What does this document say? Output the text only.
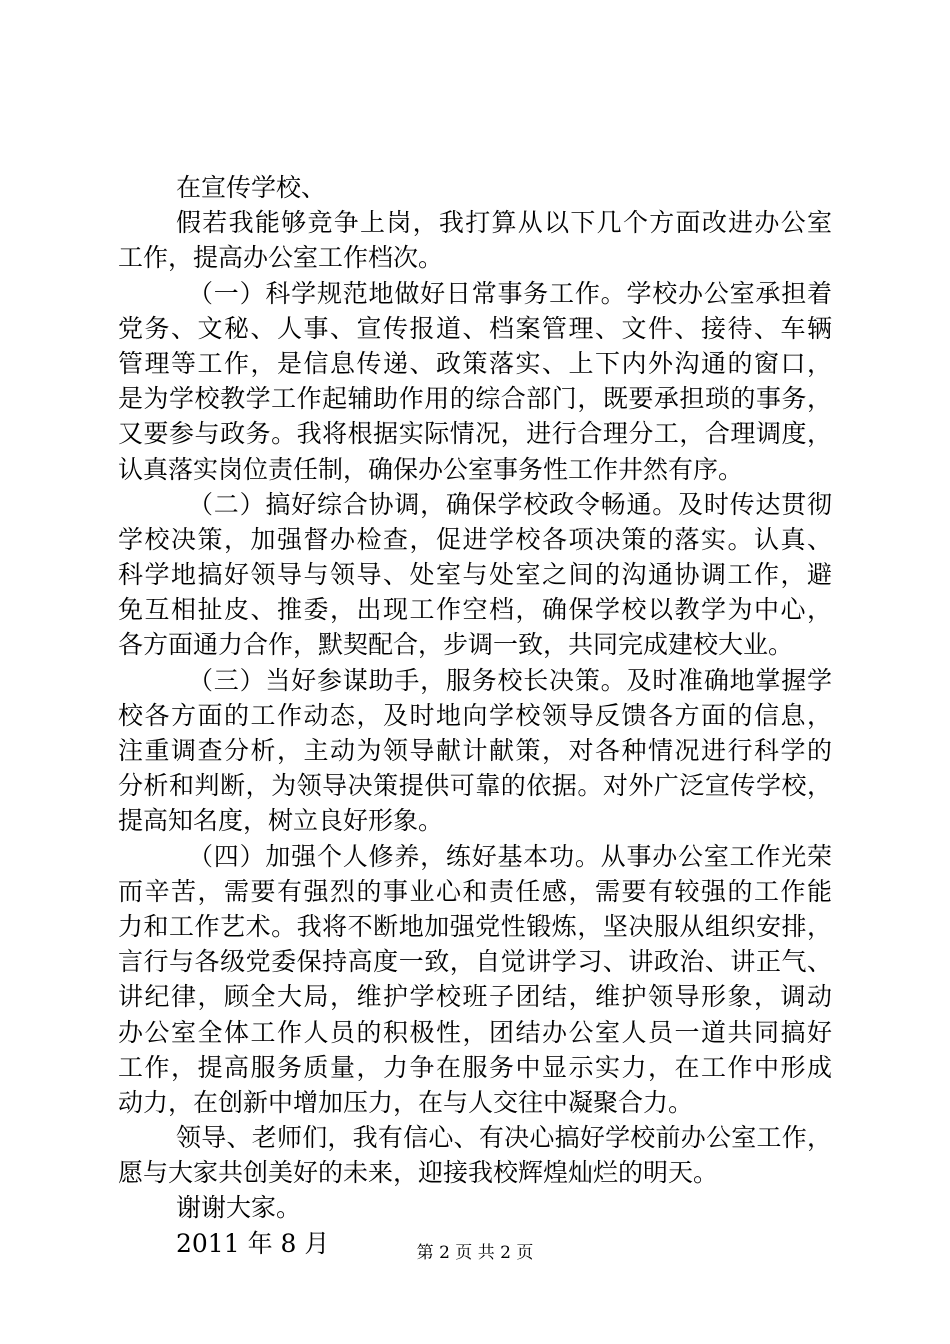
在宣传学校、
假若我能够竞争上岗，我打算从以下几个方面改进办公室
工作，提高办公室工作档次。
（一）科学规范地做好日常事务工作。学校办公室承担着
党务、文秘、人事、宣传报道、档案管理、文件、接待、车辆
管理等工作，是信息传递、政策落实、上下内外沟通的窗口，
是为学校教学工作起辅助作用的综合部门，既要承担琐的事务，
又要参与政务。我将根据实际情况，进行合理分工，合理调度，
认真落实岗位责任制，确保办公室事务性工作井然有序。
（二）搞好综合协调，确保学校政令畅通。及时传达贯彻
学校决策，加强督办检查，促进学校各项决策的落实。认真、
科学地搞好领导与领导、处室与处室之间的沟通协调工作，避
免互相扯皮、推委，出现工作空档，确保学校以教学为中心，
各方面通力合作，默契配合，步调一致，共同完成建校大业。
（三）当好参谋助手，服务校长决策。及时准确地掌握学
校各方面的工作动态，及时地向学校领导反馈各方面的信息，
注重调查分析，主动为领导献计献策，对各种情况进行科学的
分析和判断，为领导决策提供可靠的依据。对外广泛宣传学校，
提高知名度，树立良好形象。
（四）加强个人修养，练好基本功。从事办公室工作光荣
而辛苦，需要有强烈的事业心和责任感，需要有较强的工作能
力和工作艺术。我将不断地加强党性锻炼，坚决服从组织安排，
言行与各级党委保持高度一致，自觉讲学习、讲政治、讲正气、
讲纪律，顾全大局，维护学校班子团结，维护领导形象，调动
办公室全体工作人员的积极性，团结办公室人员一道共同搞好
工作，提高服务质量，力争在服务中显示实力，在工作中形成
动力，在创新中增加压力，在与人交往中凝聚合力。
领导、老师们，我有信心、有决心搞好学校前办公室工作，
愿与大家共创美好的未来，迎接我校辉煌灿烂的明天。
谢谢大家。
2011 年 8 月	第 2 页 共 2 页
